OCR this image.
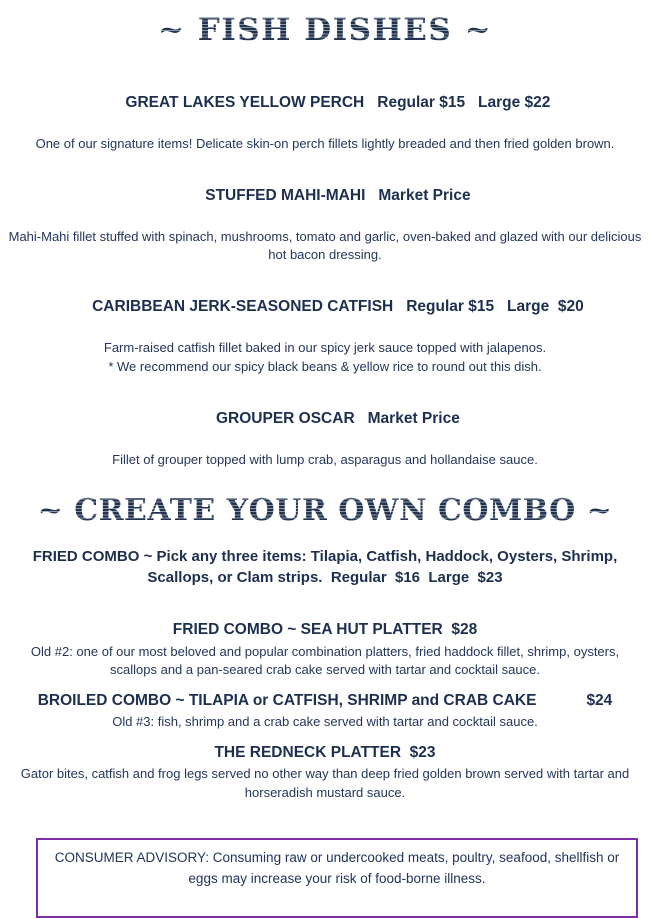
~ FISH DISHES ~

GREAT LAKES YELLOW PERCH Regular $15   Large $22

One of our signature items! Delicate skin-on perch fillets lightly breaded and then fried golden brown.

STUFFED MAHI-MAHI Market Price

Mahi-Mahi fillet stuffed with spinach, mushrooms, tomato and garlic, oven-baked and glazed with our delicious hot bacon dressing.

CARIBBEAN JERK-SEASONED CATFISH Regular $15   Large  $20

Farm-raised catfish fillet baked in our spicy jerk sauce topped with jalapenos.
* We recommend our spicy black beans & yellow rice to round out this dish.

GROUPER OSCAR Market Price

Fillet of grouper topped with lump crab, asparagus and hollandaise sauce.
~ CREATE YOUR OWN COMBO ~

FRIED COMBO ~ Pick any three items: Tilapia, Catfish, Haddock, Oysters, Shrimp, Scallops, or Clam strips.  Regular  $16  Large  $23

FRIED COMBO ~ SEA HUT PLATTER  $28
Old #2: one of our most beloved and popular combination platters, fried haddock fillet, shrimp, oysters, scallops and a pan-seared crab cake served with tartar and cocktail sauce.
BROILED COMBO ~ TILAPIA or CATFISH, SHRIMP and CRAB CAKE	$24
Old #3: fish, shrimp and a crab cake served with tartar and cocktail sauce.
THE REDNECK PLATTER  $23
Gator bites, catfish and frog legs served no other way than deep fried golden brown served with tartar and horseradish mustard sauce.
CONSUMER ADVISORY: Consuming raw or undercooked meats, poultry, seafood, shellfish or eggs may increase your risk of food-borne illness.
